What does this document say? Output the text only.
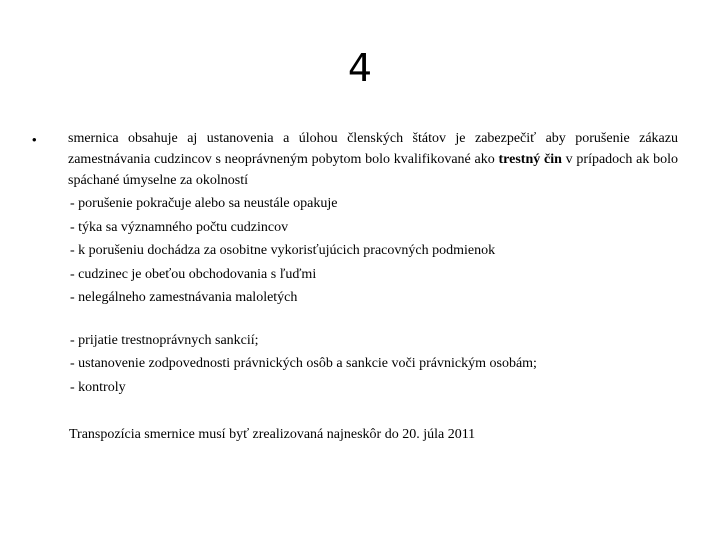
4
•	smernica obsahuje aj ustanovenia a úlohou členských štátov je zabezpečiť aby porušenie zákazu zamestnávania cudzincov s neoprávneným pobytom bolo kvalifikované ako trestný čin v prípadoch ak bolo spáchané úmyselne za okolností
- porušenie pokračuje alebo sa neustále opakuje
- týka sa významného počtu cudzincov
- k porušeniu dochádza za osobitne vykorisťujúcich pracovných podmienok
- cudzinec je obeťou obchodovania s ľuďmi
- nelegálneho zamestnávania maloletých
- prijatie trestnoprávnych sankcií;
- ustanovenie zodpovednosti právnických osôb a sankcie voči právnickým osobám;
- kontroly
Transpozícia smernice musí byť zrealizovaná najneskôr do 20. júla 2011
